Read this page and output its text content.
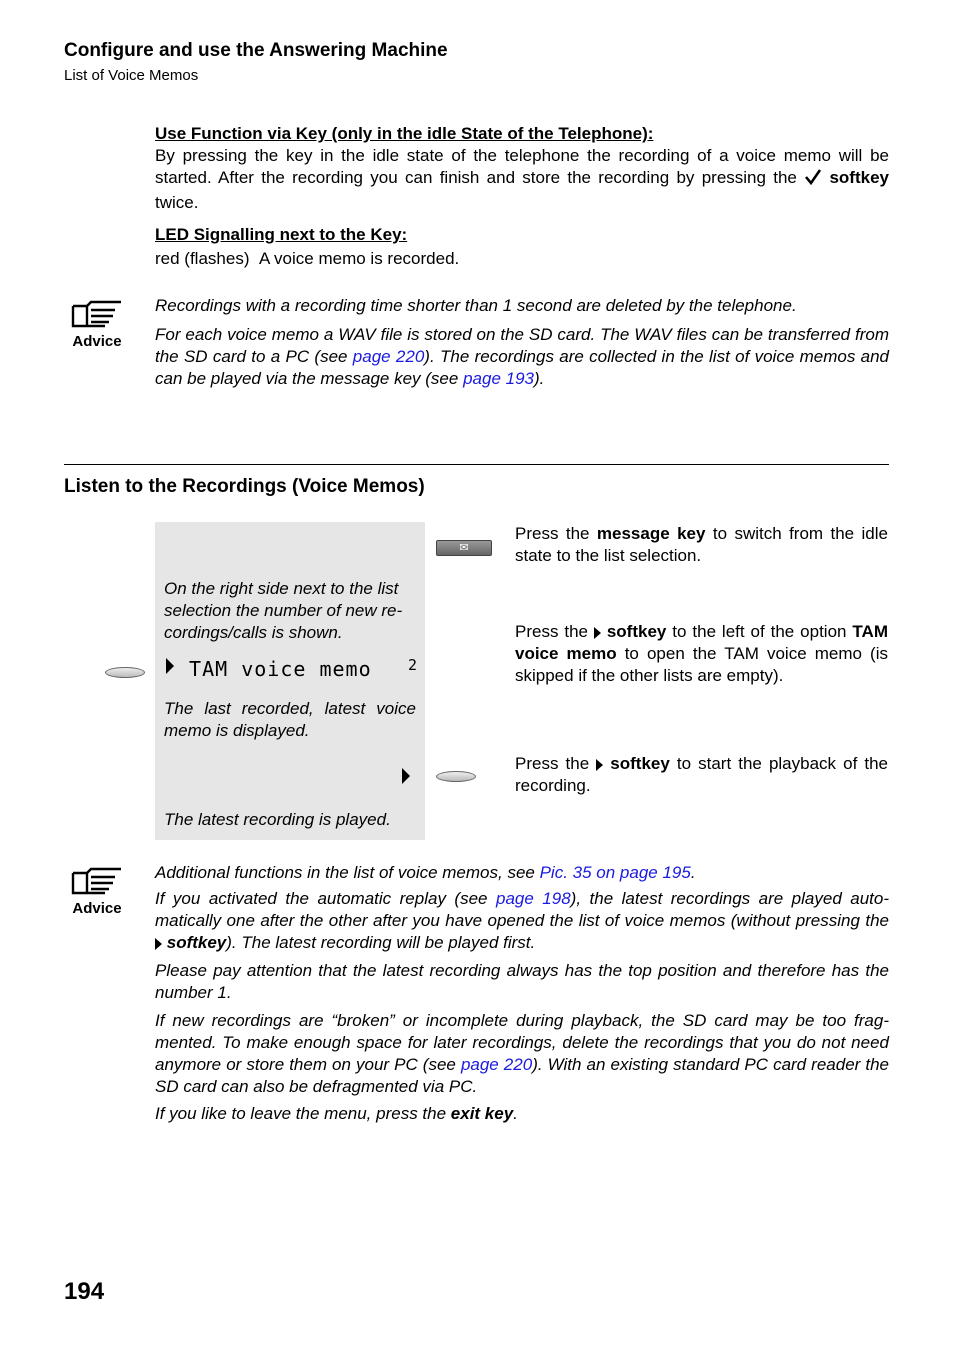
Configure and use the Answering Machine
List of Voice Memos
Use Function via Key (only in the idle State of the Telephone):
By pressing the key in the idle state of the telephone the recording of a voice memo will be started. After the recording you can finish and store the recording by pressing the softkey twice.
LED Signalling next to the Key:
red (flashes) A voice memo is recorded.
Advice
Recordings with a recording time shorter than 1 second are deleted by the telephone.
For each voice memo a WAV file is stored on the SD card. The WAV files can be transferred from the SD card to a PC (see page 220). The recordings are collected in the list of voice memos and can be played via the message key (see page 193).
Listen to the Recordings (Voice Memos)
On the right side next to the list selection the number of new re-cordings/calls is shown.
TAM voice memo 2
The last recorded, latest voice memo is displayed.
The latest recording is played.
✉
Press the message key to switch from the idle state to the list selection.
Press the  softkey to the left of the option TAM voice memo to open the TAM voice memo (is skipped if the other lists are empty).
Press the  softkey to start the playback of the recording.
Advice
Additional functions in the list of voice memos, see Pic. 35 on page 195.
If you activated the automatic replay (see page 198), the latest recordings are played auto-matically one after the other after you have opened the list of voice memos (without pressing the  softkey). The latest recording will be played first.
Please pay attention that the latest recording always has the top position and therefore has the number 1.
If new recordings are “broken” or incomplete during playback, the SD card may be too frag-mented. To make enough space for later recordings, delete the recordings that you do not need anymore or store them on your PC (see page 220). With an existing standard PC card reader the SD card can also be defragmented via PC.
If you like to leave the menu, press the exit key.
194
